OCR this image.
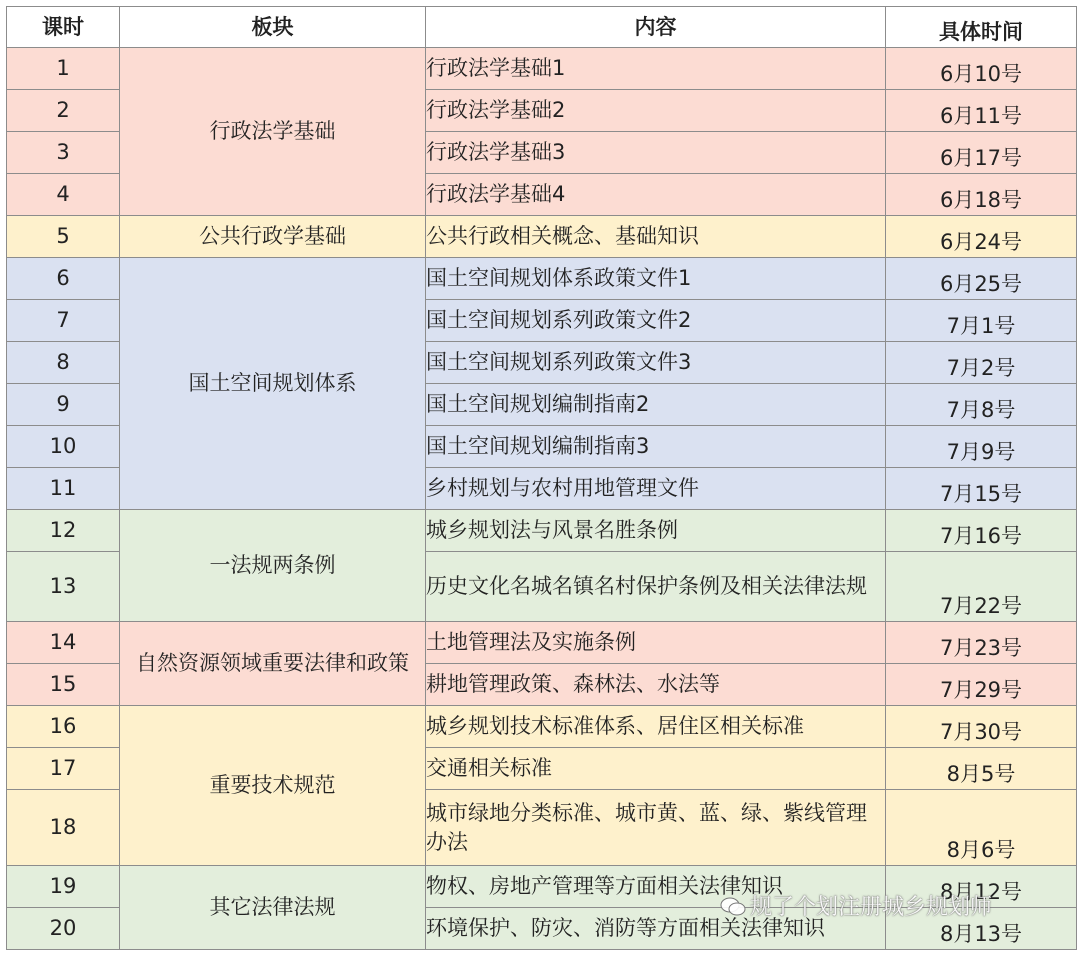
课时	板块	内容	具体时间
1	行政法学基础	行政法学基础1	6月10号
2		行政法学基础2	6月11号
3		行政法学基础3	6月17号
4		行政法学基础4	6月18号
5	公共行政学基础	公共行政相关概念、基础知识	6月24号
6	国土空间规划体系	国土空间规划体系政策文件1	6月25号
7		国土空间规划系列政策文件2	7月1号
8		国土空间规划系列政策文件3	7月2号
9		国土空间规划编制指南2	7月8号
10		国土空间规划编制指南3	7月9号
11		乡村规划与农村用地管理文件	7月15号
12	一法规两条例	城乡规划法与风景名胜条例	7月16号
13		历史文化名城名镇名村保护条例及相关法律法规	7月22号
14	自然资源领域重要法律和政策	土地管理法及实施条例	7月23号
15		耕地管理政策、森林法、水法等	7月29号
16	重要技术规范	城乡规划技术标准体系、居住区相关标准	7月30号
17		交通相关标准	8月5号
18		城市绿地分类标准、城市黄、蓝、绿、紫线管理办法	8月6号
19	其它法律法规	物权、房地产管理等方面相关法律知识	8月12号
20		环境保护、防灾、消防等方面相关法律知识	8月13号
规了个划注册城乡规划师
